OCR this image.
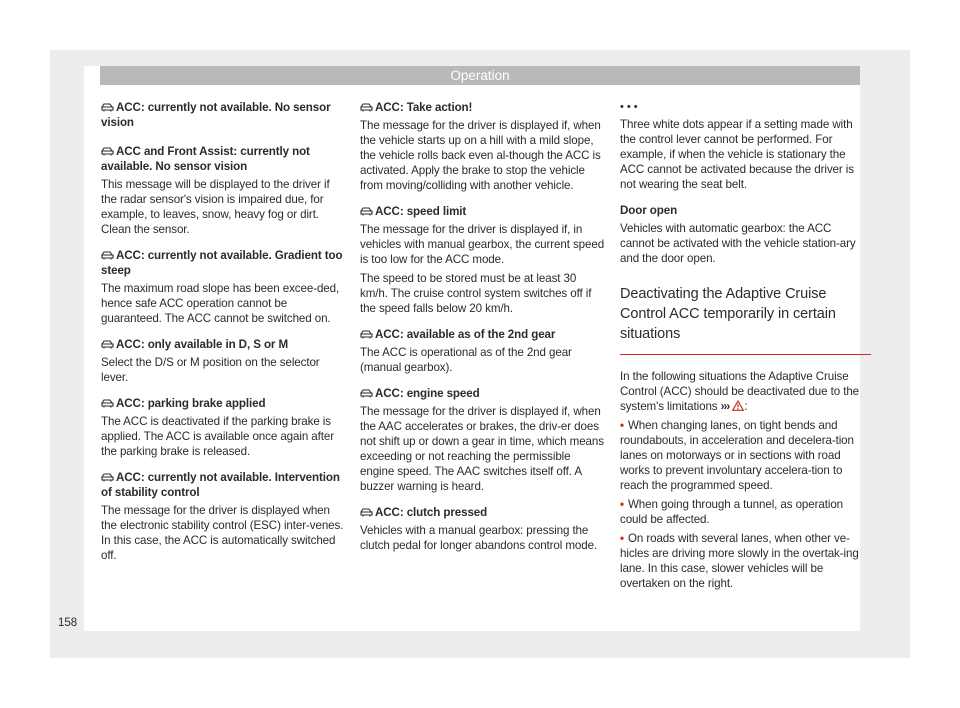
Operation
ACC: currently not available. No sensor vision
ACC and Front Assist: currently not available. No sensor vision
This message will be displayed to the driver if the radar sensor's vision is impaired due, for example, to leaves, snow, heavy fog or dirt. Clean the sensor.
ACC: currently not available. Gradient too steep
The maximum road slope has been excee-ded, hence safe ACC operation cannot be guaranteed. The ACC cannot be switched on.
ACC: only available in D, S or M
Select the D/S or M position on the selector lever.
ACC: parking brake applied
The ACC is deactivated if the parking brake is applied. The ACC is available once again after the parking brake is released.
ACC: currently not available. Intervention of stability control
The message for the driver is displayed when the electronic stability control (ESC) inter-venes. In this case, the ACC is automatically switched off.
ACC: Take action!
The message for the driver is displayed if, when the vehicle starts up on a hill with a mild slope, the vehicle rolls back even al-though the ACC is activated. Apply the brake to stop the vehicle from moving/colliding with another vehicle.
ACC: speed limit
The message for the driver is displayed if, in vehicles with manual gearbox, the current speed is too low for the ACC mode.
The speed to be stored must be at least 30 km/h. The cruise control system switches off if the speed falls below 20 km/h.
ACC: available as of the 2nd gear
The ACC is operational as of the 2nd gear (manual gearbox).
ACC: engine speed
The message for the driver is displayed if, when the AAC accelerates or brakes, the driv-er does not shift up or down a gear in time, which means exceeding or not reaching the permissible engine speed. The AAC switches itself off. A buzzer warning is heard.
ACC: clutch pressed
Vehicles with a manual gearbox: pressing the clutch pedal for longer abandons control mode.
•••
Three white dots appear if a setting made with the control lever cannot be performed. For example, if when the vehicle is stationary the ACC cannot be activated because the driver is not wearing the seat belt.
Door open
Vehicles with automatic gearbox: the ACC cannot be activated with the vehicle station-ary and the door open.
Deactivating the Adaptive Cruise Control ACC temporarily in certain situations
In the following situations the Adaptive Cruise Control (ACC) should be deactivated due to the system's limitations ››› :
• When changing lanes, on tight bends and roundabouts, in acceleration and decelera-tion lanes on motorways or in sections with road works to prevent involuntary accelera-tion to reach the programmed speed.
• When going through a tunnel, as operation could be affected.
• On roads with several lanes, when other ve-hicles are driving more slowly in the overtak-ing lane. In this case, slower vehicles will be overtaken on the right.
158
